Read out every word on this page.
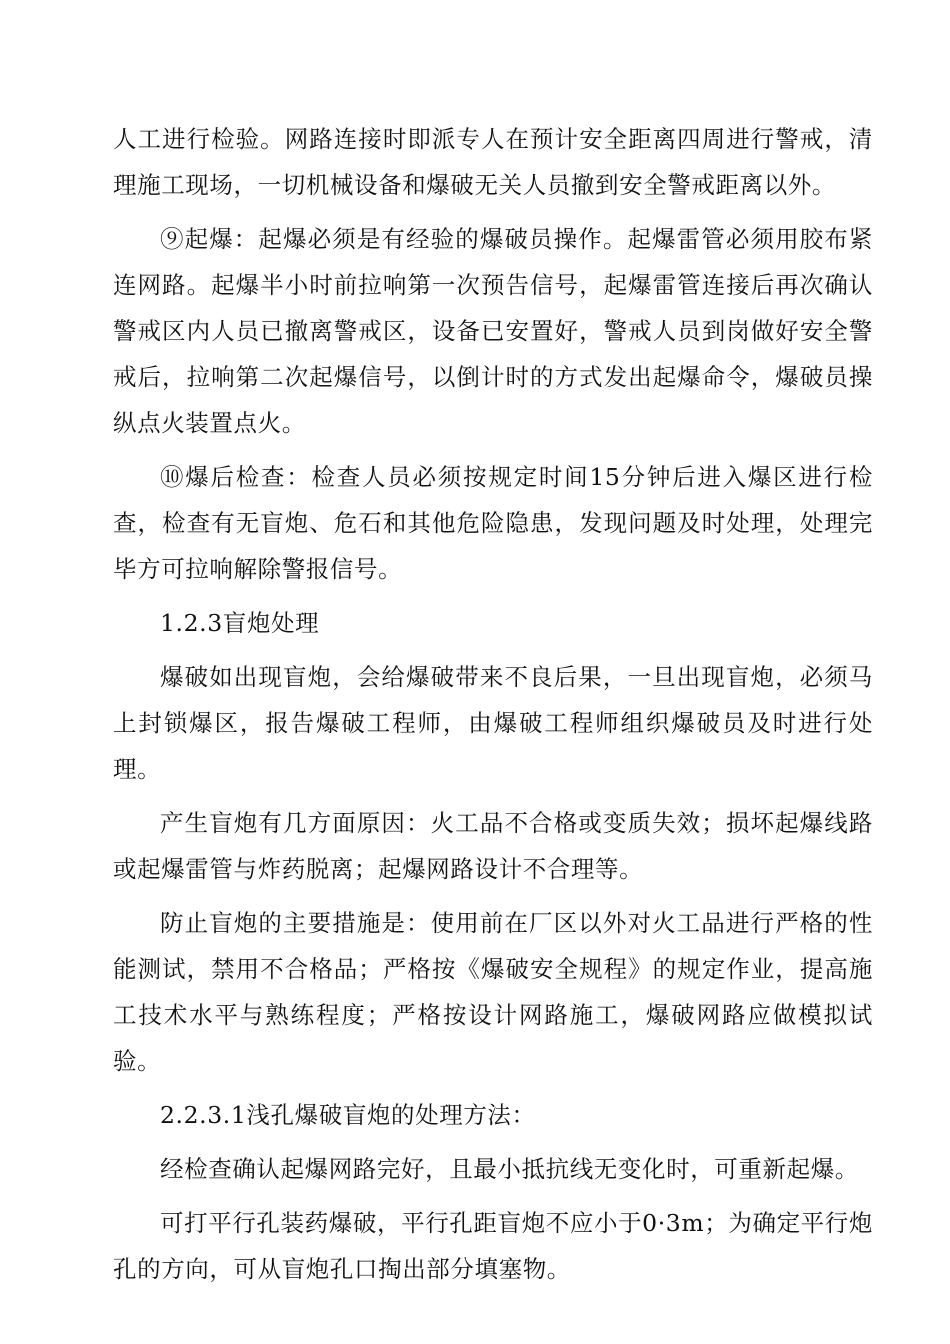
人工进行检验。网路连接时即派专人在预计安全距离四周进行警戒，清理施工现场，一切机械设备和爆破无关人员撤到安全警戒距离以外。

⑨起爆：起爆必须是有经验的爆破员操作。起爆雷管必须用胶布紧连网路。起爆半小时前拉响第一次预告信号，起爆雷管连接后再次确认警戒区内人员已撤离警戒区，设备已安置好，警戒人员到岗做好安全警戒后，拉响第二次起爆信号，以倒计时的方式发出起爆命令，爆破员操纵点火装置点火。

⑩爆后检查：检查人员必须按规定时间15分钟后进入爆区进行检查，检查有无盲炮、危石和其他危险隐患，发现问题及时处理，处理完毕方可拉响解除警报信号。

1.2.3盲炮处理

爆破如出现盲炮，会给爆破带来不良后果，一旦出现盲炮，必须马上封锁爆区，报告爆破工程师，由爆破工程师组织爆破员及时进行处理。

产生盲炮有几方面原因：火工品不合格或变质失效；损坏起爆线路或起爆雷管与炸药脱离；起爆网路设计不合理等。

防止盲炮的主要措施是：使用前在厂区以外对火工品进行严格的性能测试，禁用不合格品；严格按《爆破安全规程》的规定作业，提高施工技术水平与熟练程度；严格按设计网路施工，爆破网路应做模拟试验。

2.2.3.1浅孔爆破盲炮的处理方法：

经检查确认起爆网路完好，且最小抵抗线无变化时，可重新起爆。

可打平行孔装药爆破，平行孔距盲炮不应小于0·3m；为确定平行炮孔的方向，可从盲炮孔口掏出部分填塞物。
